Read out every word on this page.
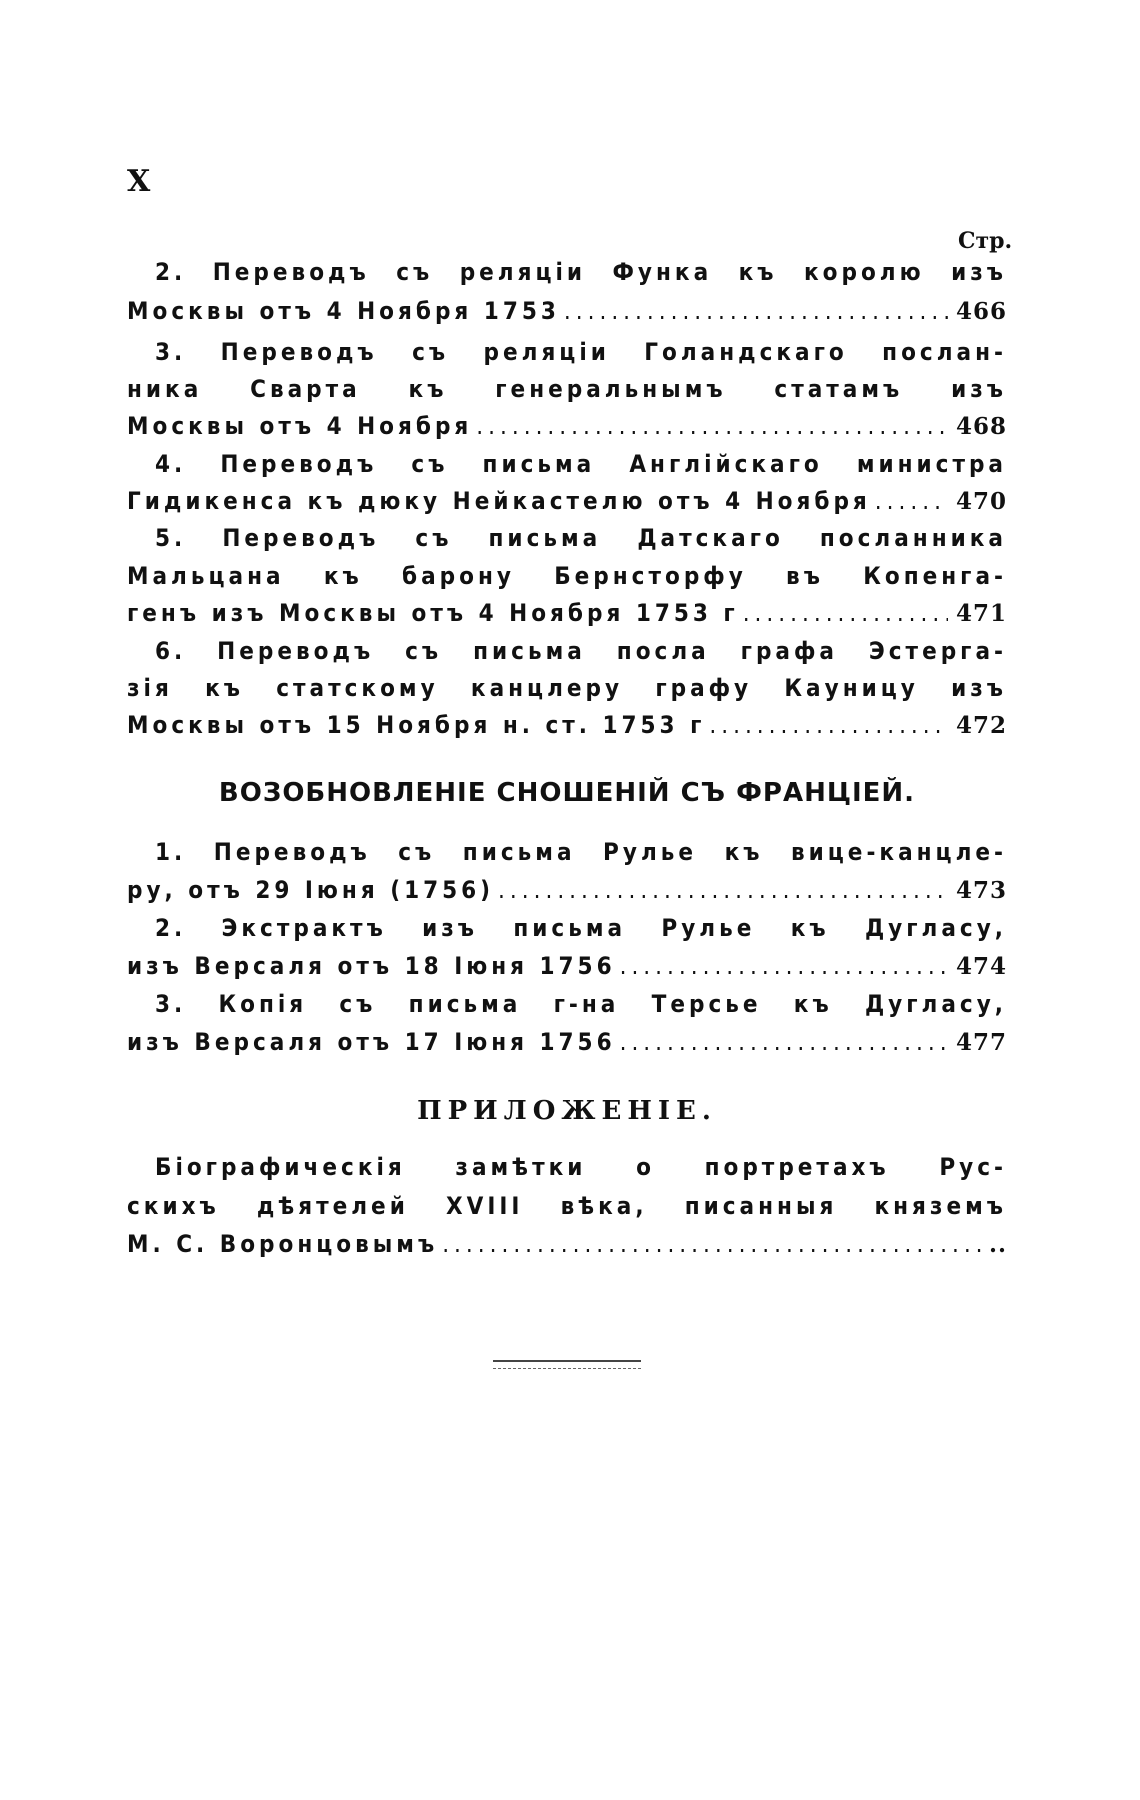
X
Стр.
2. Переводъ съ реляціи Функа къ королю изъ
Москвы отъ 4 Ноября 1753 .....	466
3. Переводъ съ реляціи Голандскаго послан-
ника Сварта къ генеральнымъ статамъ изъ
Москвы отъ 4 Ноября .....	468
4. Переводъ съ письма Англійскаго министра
Гидикенса къ дюку Нейкастелю отъ 4 Ноября .....	470
5. Переводъ съ письма Датскаго посланника
Мальцана къ барону Бернсторфу въ Копенга-
генъ изъ Москвы отъ 4 Ноября 1753 г .....	471
6. Переводъ съ письма посла графа Эстерга-
зія къ статскому канцлеру графу Кауницу изъ
Москвы отъ 15 Ноября н. ст. 1753 г .....	472
ВОЗОБНОВЛЕНІЕ СНОШЕНІЙ СЪ ФРАНЦІЕЙ.
1. Переводъ съ письма Рулье къ вице-канцле-
ру, отъ 29 Іюня (1756) .....	473
2. Экстрактъ изъ письма Рулье къ Дугласу,
изъ Версаля отъ 18 Іюня 1756 .....	474
3. Копія съ письма г-на Терсье къ Дугласу,
изъ Версаля отъ 17 Іюня 1756 .....	477
ПРИЛОЖЕНІЕ.
Біографическія замѣтки о портретахъ Рус-
скихъ дѣятелей XVIII вѣка, писанныя княземъ
М. С. Воронцовымъ .....	..
